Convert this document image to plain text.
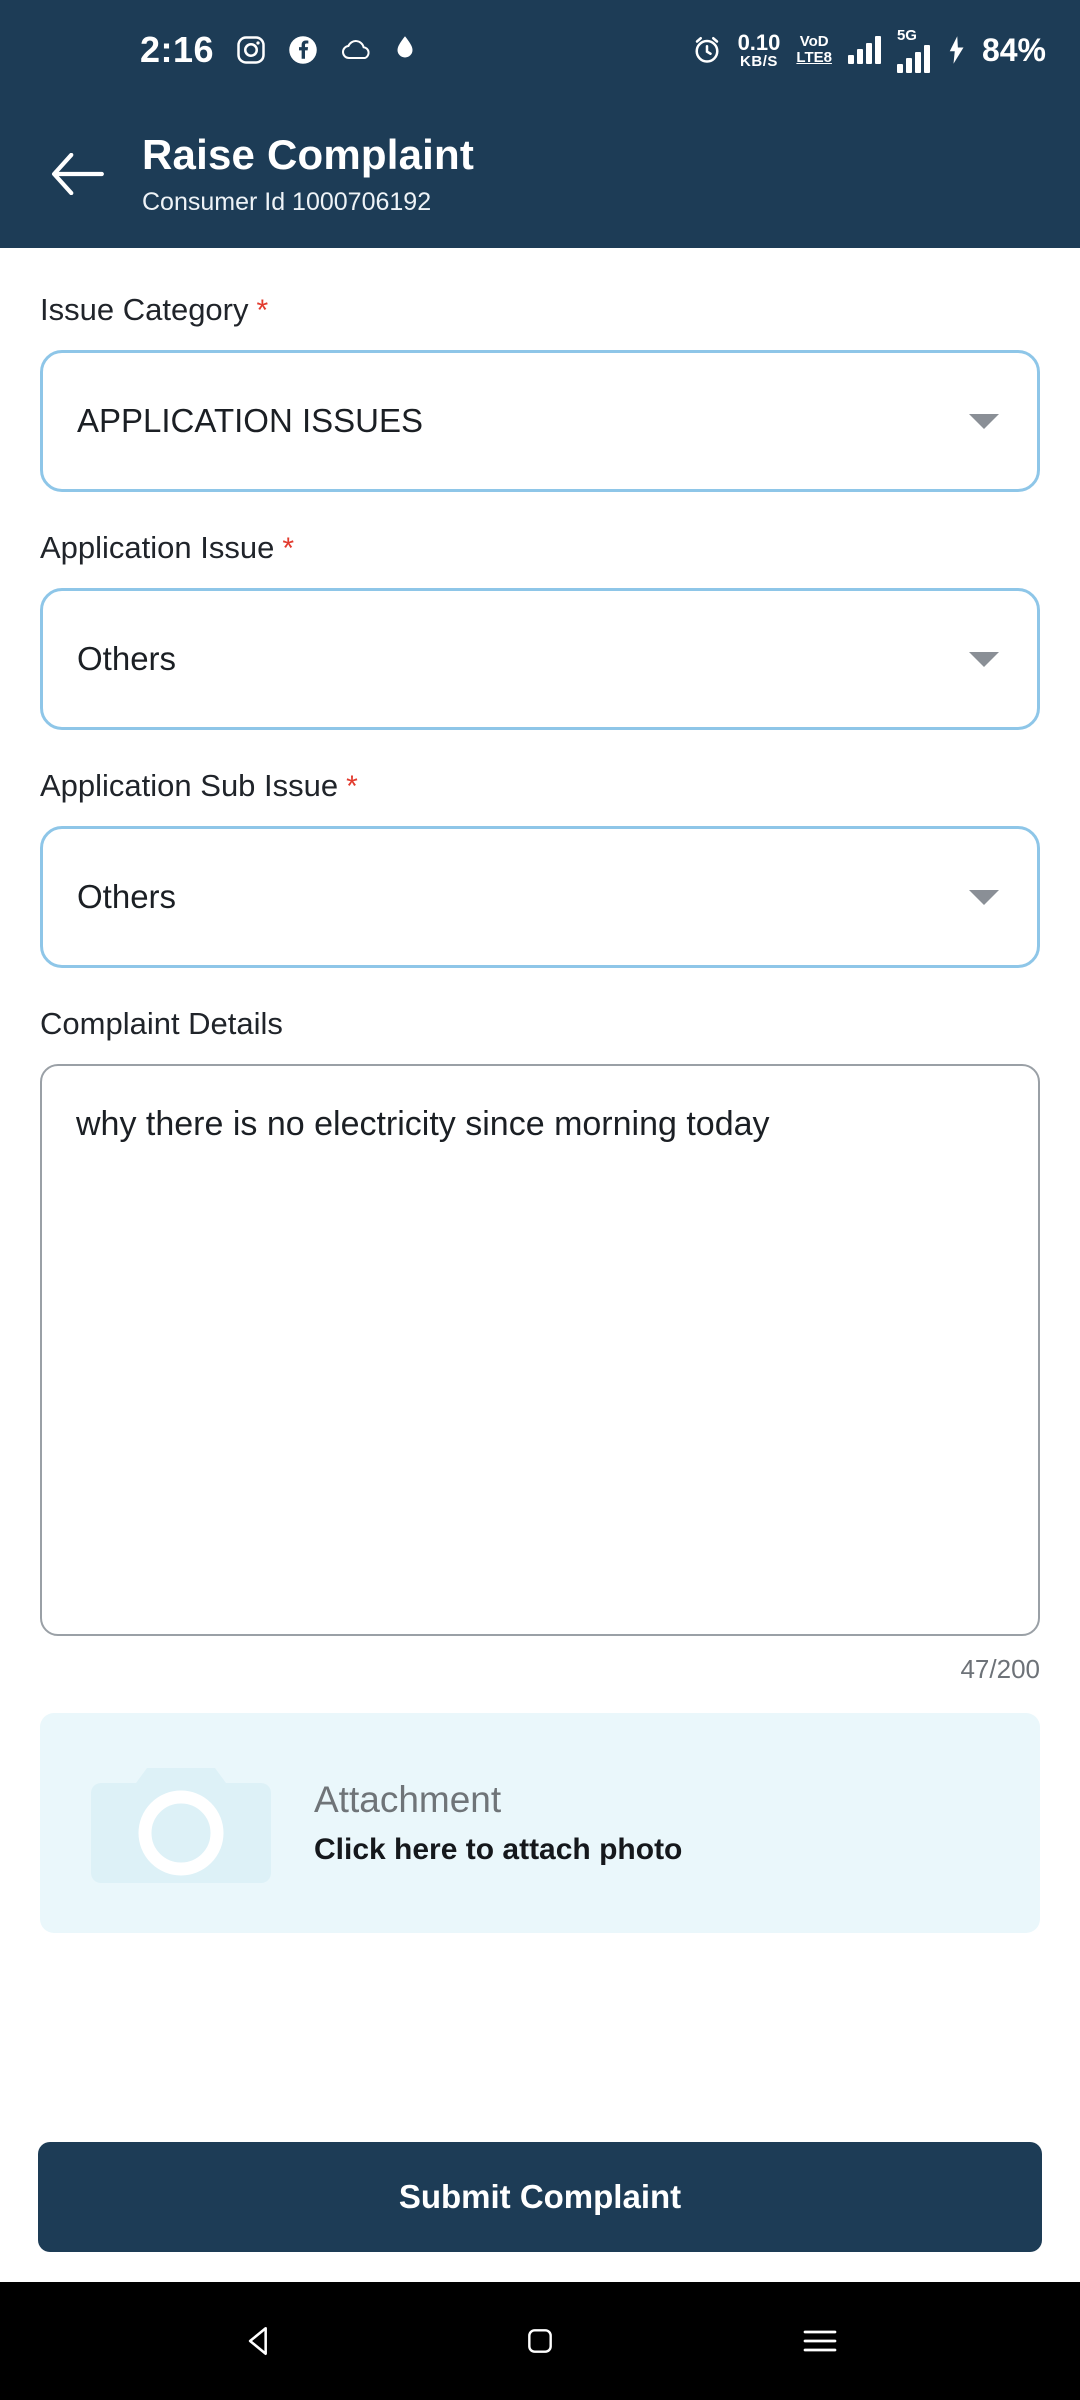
2:16	0.10
KB/S
VoD
LTE8
5G 84%
Raise Complaint
Consumer Id 1000706192
Issue Category *
APPLICATION ISSUES
Application Issue *
Others
Application Sub Issue *
Others
Complaint Details
why there is no electricity since morning today
47/200
Attachment
Click here to attach photo
Submit Complaint
